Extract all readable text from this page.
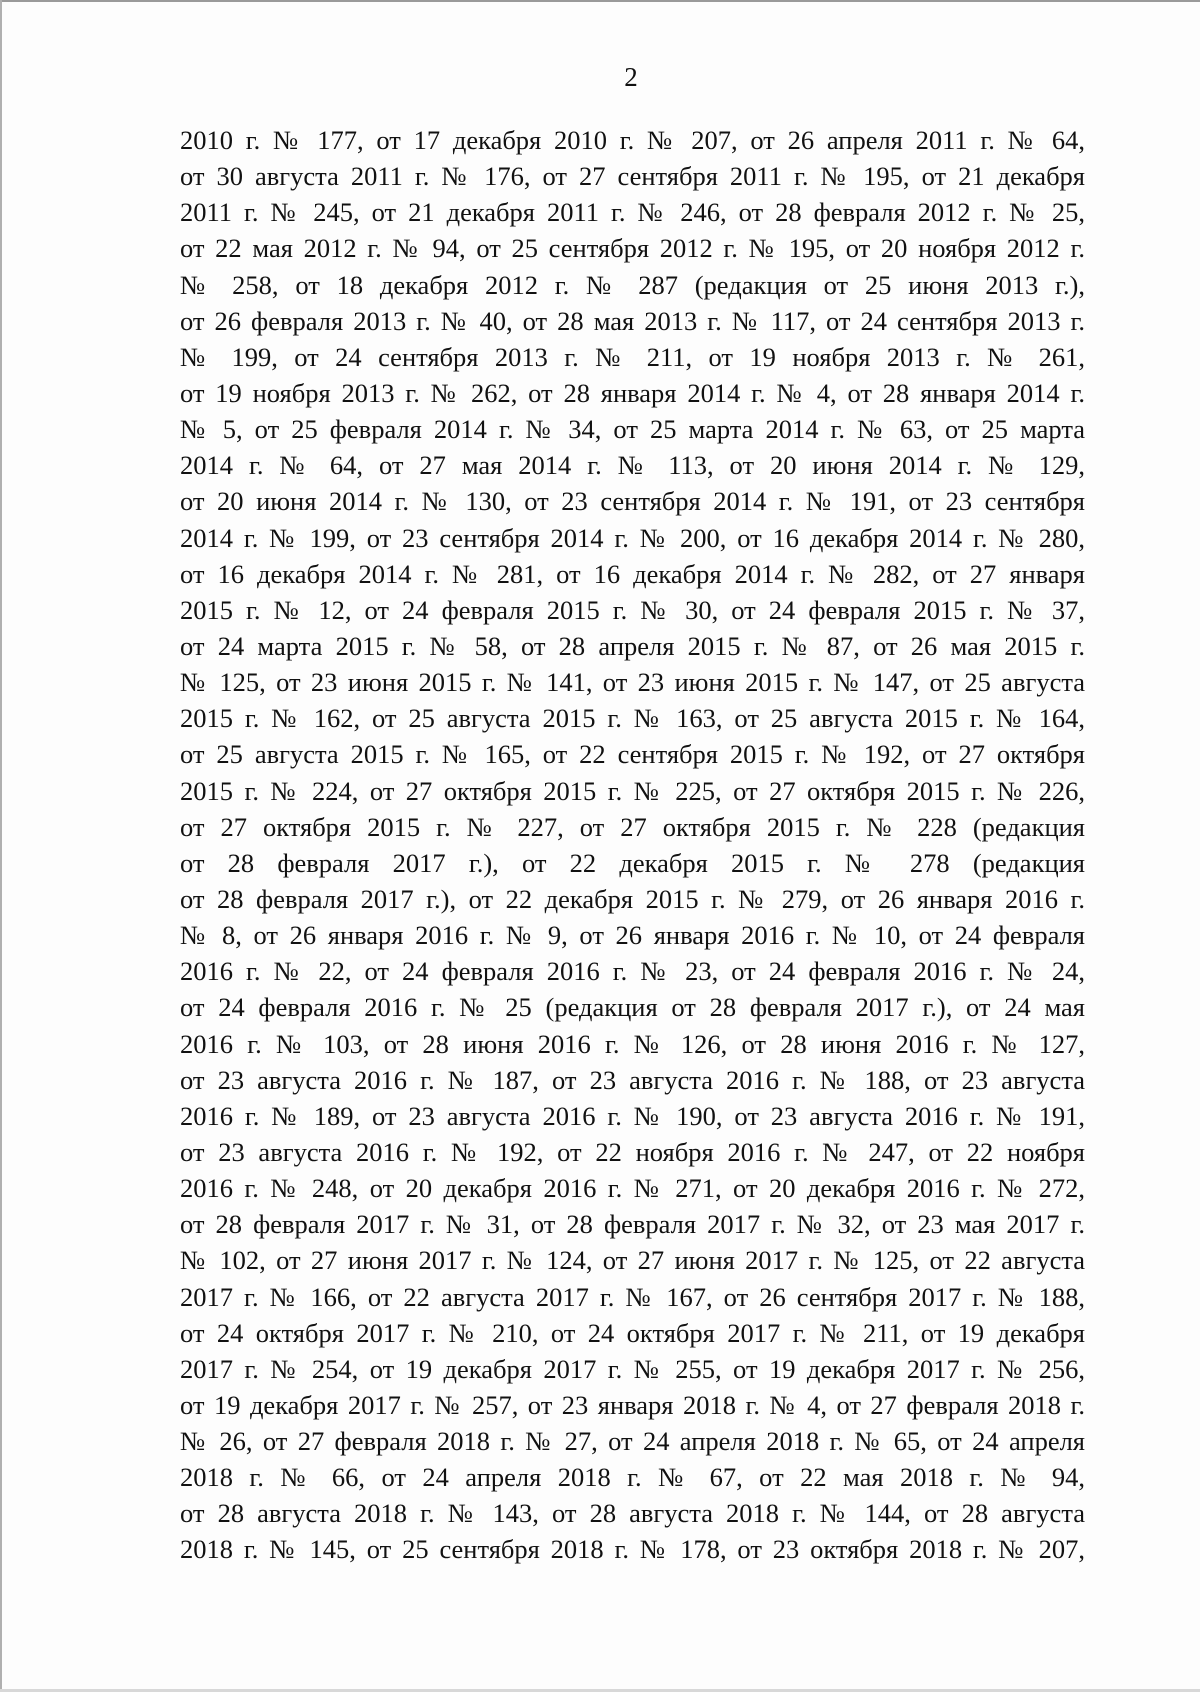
2
2010 г. № 177, от 17 декабря 2010 г. № 207, от 26 апреля 2011 г. № 64,
от 30 августа 2011 г. № 176, от 27 сентября 2011 г. № 195, от 21 декабря
2011 г. № 245, от 21 декабря 2011 г. № 246, от 28 февраля 2012 г. № 25,
от 22 мая 2012 г. № 94, от 25 сентября 2012 г. № 195, от 20 ноября 2012 г.
№ 258, от 18 декабря 2012 г. № 287 (редакция от 25 июня 2013 г.),
от 26 февраля 2013 г. № 40, от 28 мая 2013 г. № 117, от 24 сентября 2013 г.
№ 199, от 24 сентября 2013 г. № 211, от 19 ноября 2013 г. № 261,
от 19 ноября 2013 г. № 262, от 28 января 2014 г. № 4, от 28 января 2014 г.
№ 5, от 25 февраля 2014 г. № 34, от 25 марта 2014 г. № 63, от 25 марта
2014 г. № 64, от 27 мая 2014 г. № 113, от 20 июня 2014 г. № 129,
от 20 июня 2014 г. № 130, от 23 сентября 2014 г. № 191, от 23 сентября
2014 г. № 199, от 23 сентября 2014 г. № 200, от 16 декабря 2014 г. № 280,
от 16 декабря 2014 г. № 281, от 16 декабря 2014 г. № 282, от 27 января
2015 г. № 12, от 24 февраля 2015 г. № 30, от 24 февраля 2015 г. № 37,
от 24 марта 2015 г. № 58, от 28 апреля 2015 г. № 87, от 26 мая 2015 г.
№ 125, от 23 июня 2015 г. № 141, от 23 июня 2015 г. № 147, от 25 августа
2015 г. № 162, от 25 августа 2015 г. № 163, от 25 августа 2015 г. № 164,
от 25 августа 2015 г. № 165, от 22 сентября 2015 г. № 192, от 27 октября
2015 г. № 224, от 27 октября 2015 г. № 225, от 27 октября 2015 г. № 226,
от 27 октября 2015 г. № 227, от 27 октября 2015 г. № 228 (редакция
от 28 февраля 2017 г.), от 22 декабря 2015 г. № 278 (редакция
от 28 февраля 2017 г.), от 22 декабря 2015 г. № 279, от 26 января 2016 г.
№ 8, от 26 января 2016 г. № 9, от 26 января 2016 г. № 10, от 24 февраля
2016 г. № 22, от 24 февраля 2016 г. № 23, от 24 февраля 2016 г. № 24,
от 24 февраля 2016 г. № 25 (редакция от 28 февраля 2017 г.), от 24 мая
2016 г. № 103, от 28 июня 2016 г. № 126, от 28 июня 2016 г. № 127,
от 23 августа 2016 г. № 187, от 23 августа 2016 г. № 188, от 23 августа
2016 г. № 189, от 23 августа 2016 г. № 190, от 23 августа 2016 г. № 191,
от 23 августа 2016 г. № 192, от 22 ноября 2016 г. № 247, от 22 ноября
2016 г. № 248, от 20 декабря 2016 г. № 271, от 20 декабря 2016 г. № 272,
от 28 февраля 2017 г. № 31, от 28 февраля 2017 г. № 32, от 23 мая 2017 г.
№ 102, от 27 июня 2017 г. № 124, от 27 июня 2017 г. № 125, от 22 августа
2017 г. № 166, от 22 августа 2017 г. № 167, от 26 сентября 2017 г. № 188,
от 24 октября 2017 г. № 210, от 24 октября 2017 г. № 211, от 19 декабря
2017 г. № 254, от 19 декабря 2017 г. № 255, от 19 декабря 2017 г. № 256,
от 19 декабря 2017 г. № 257, от 23 января 2018 г. № 4, от 27 февраля 2018 г.
№ 26, от 27 февраля 2018 г. № 27, от 24 апреля 2018 г. № 65, от 24 апреля
2018 г. № 66, от 24 апреля 2018 г. № 67, от 22 мая 2018 г. № 94,
от 28 августа 2018 г. № 143, от 28 августа 2018 г. № 144, от 28 августа
2018 г. № 145, от 25 сентября 2018 г. № 178, от 23 октября 2018 г. № 207,
